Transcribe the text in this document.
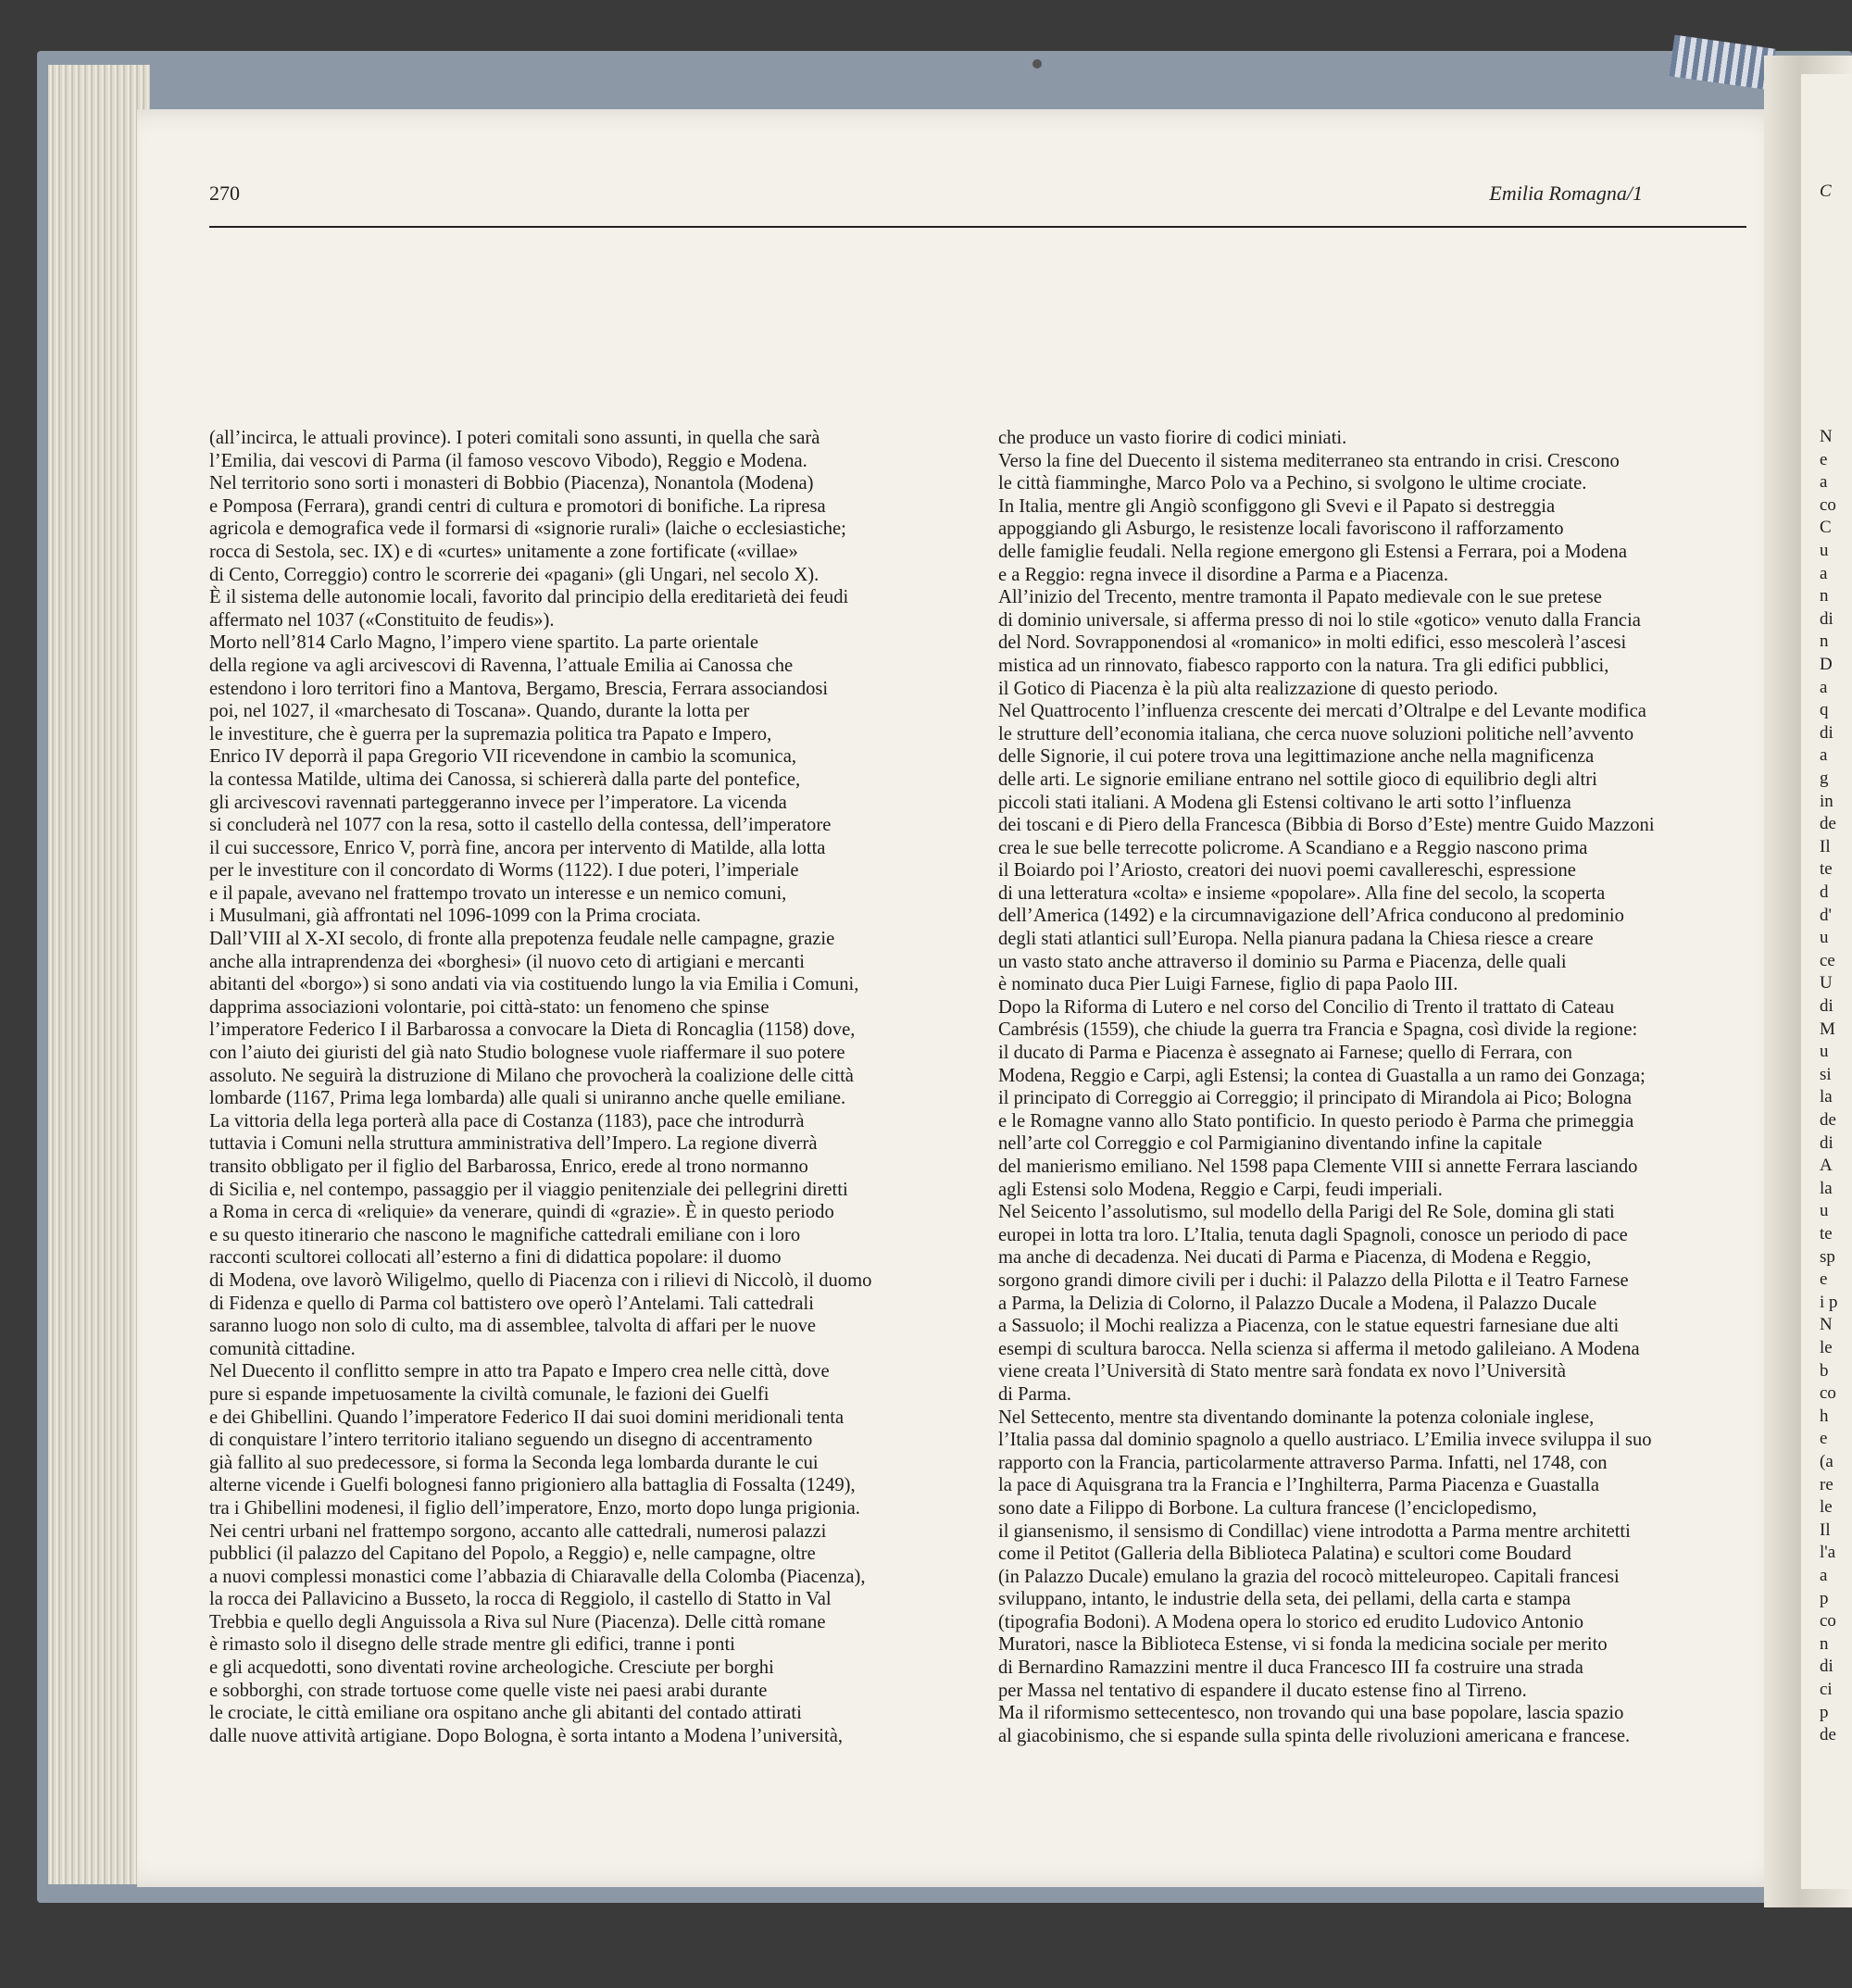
C
N
e
a
co
C
u
a
n
di
n
D
a
q
di
a
g
in
de
Il
te
d
d'
u
ce
U
di
M
u
si
la
de
di
A
la
u
te
sp
e
i p
N
le
b
co
h
e
(a
re
le
Il
l'a
a
p
co
n
di
ci
p
de
270	Emilia Romagna/1
(all’incirca, le attuali province). I poteri comitali sono assunti, in quella che sarà
l’Emilia, dai vescovi di Parma (il famoso vescovo Vibodo), Reggio e Modena.
Nel territorio sono sorti i monasteri di Bobbio (Piacenza), Nonantola (Modena)
e Pomposa (Ferrara), grandi centri di cultura e promotori di bonifiche. La ripresa
agricola e demografica vede il formarsi di «signorie rurali» (laiche o ecclesiastiche;
rocca di Sestola, sec. IX) e di «curtes» unitamente a zone fortificate («villae»
di Cento, Correggio) contro le scorrerie dei «pagani» (gli Ungari, nel secolo X).
È il sistema delle autonomie locali, favorito dal principio della ereditarietà dei feudi
affermato nel 1037 («Constituito de feudis»).
Morto nell’814 Carlo Magno, l’impero viene spartito. La parte orientale
della regione va agli arcivescovi di Ravenna, l’attuale Emilia ai Canossa che
estendono i loro territori fino a Mantova, Bergamo, Brescia, Ferrara associandosi
poi, nel 1027, il «marchesato di Toscana». Quando, durante la lotta per
le investiture, che è guerra per la supremazia politica tra Papato e Impero,
Enrico IV deporrà il papa Gregorio VII ricevendone in cambio la scomunica,
la contessa Matilde, ultima dei Canossa, si schiererà dalla parte del pontefice,
gli arcivescovi ravennati parteggeranno invece per l’imperatore. La vicenda
si concluderà nel 1077 con la resa, sotto il castello della contessa, dell’imperatore
il cui successore, Enrico V, porrà fine, ancora per intervento di Matilde, alla lotta
per le investiture con il concordato di Worms (1122). I due poteri, l’imperiale
e il papale, avevano nel frattempo trovato un interesse e un nemico comuni,
i Musulmani, già affrontati nel 1096-1099 con la Prima crociata.
Dall’VIII al X-XI secolo, di fronte alla prepotenza feudale nelle campagne, grazie
anche alla intraprendenza dei «borghesi» (il nuovo ceto di artigiani e mercanti
abitanti del «borgo») si sono andati via via costituendo lungo la via Emilia i Comuni,
dapprima associazioni volontarie, poi città-stato: un fenomeno che spinse
l’imperatore Federico I il Barbarossa a convocare la Dieta di Roncaglia (1158) dove,
con l’aiuto dei giuristi del già nato Studio bolognese vuole riaffermare il suo potere
assoluto. Ne seguirà la distruzione di Milano che provocherà la coalizione delle città
lombarde (1167, Prima lega lombarda) alle quali si uniranno anche quelle emiliane.
La vittoria della lega porterà alla pace di Costanza (1183), pace che introdurrà
tuttavia i Comuni nella struttura amministrativa dell’Impero. La regione diverrà
transito obbligato per il figlio del Barbarossa, Enrico, erede al trono normanno
di Sicilia e, nel contempo, passaggio per il viaggio penitenziale dei pellegrini diretti
a Roma in cerca di «reliquie» da venerare, quindi di «grazie». È in questo periodo
e su questo itinerario che nascono le magnifiche cattedrali emiliane con i loro
racconti scultorei collocati all’esterno a fini di didattica popolare: il duomo
di Modena, ove lavorò Wiligelmo, quello di Piacenza con i rilievi di Niccolò, il duomo
di Fidenza e quello di Parma col battistero ove operò l’Antelami. Tali cattedrali
saranno luogo non solo di culto, ma di assemblee, talvolta di affari per le nuove
comunità cittadine.
Nel Duecento il conflitto sempre in atto tra Papato e Impero crea nelle città, dove
pure si espande impetuosamente la civiltà comunale, le fazioni dei Guelfi
e dei Ghibellini. Quando l’imperatore Federico II dai suoi domini meridionali tenta
di conquistare l’intero territorio italiano seguendo un disegno di accentramento
già fallito al suo predecessore, si forma la Seconda lega lombarda durante le cui
alterne vicende i Guelfi bolognesi fanno prigioniero alla battaglia di Fossalta (1249),
tra i Ghibellini modenesi, il figlio dell’imperatore, Enzo, morto dopo lunga prigionia.
Nei centri urbani nel frattempo sorgono, accanto alle cattedrali, numerosi palazzi
pubblici (il palazzo del Capitano del Popolo, a Reggio) e, nelle campagne, oltre
a nuovi complessi monastici come l’abbazia di Chiaravalle della Colomba (Piacenza),
la rocca dei Pallavicino a Busseto, la rocca di Reggiolo, il castello di Statto in Val
Trebbia e quello degli Anguissola a Riva sul Nure (Piacenza). Delle città romane
è rimasto solo il disegno delle strade mentre gli edifici, tranne i ponti
e gli acquedotti, sono diventati rovine archeologiche. Cresciute per borghi
e sobborghi, con strade tortuose come quelle viste nei paesi arabi durante
le crociate, le città emiliane ora ospitano anche gli abitanti del contado attirati
dalle nuove attività artigiane. Dopo Bologna, è sorta intanto a Modena l’università,
che produce un vasto fiorire di codici miniati.
Verso la fine del Duecento il sistema mediterraneo sta entrando in crisi. Crescono
le città fiamminghe, Marco Polo va a Pechino, si svolgono le ultime crociate.
In Italia, mentre gli Angiò sconfiggono gli Svevi e il Papato si destreggia
appoggiando gli Asburgo, le resistenze locali favoriscono il rafforzamento
delle famiglie feudali. Nella regione emergono gli Estensi a Ferrara, poi a Modena
e a Reggio: regna invece il disordine a Parma e a Piacenza.
All’inizio del Trecento, mentre tramonta il Papato medievale con le sue pretese
di dominio universale, si afferma presso di noi lo stile «gotico» venuto dalla Francia
del Nord. Sovrapponendosi al «romanico» in molti edifici, esso mescolerà l’ascesi
mistica ad un rinnovato, fiabesco rapporto con la natura. Tra gli edifici pubblici,
il Gotico di Piacenza è la più alta realizzazione di questo periodo.
Nel Quattrocento l’influenza crescente dei mercati d’Oltralpe e del Levante modifica
le strutture dell’economia italiana, che cerca nuove soluzioni politiche nell’avvento
delle Signorie, il cui potere trova una legittimazione anche nella magnificenza
delle arti. Le signorie emiliane entrano nel sottile gioco di equilibrio degli altri
piccoli stati italiani. A Modena gli Estensi coltivano le arti sotto l’influenza
dei toscani e di Piero della Francesca (Bibbia di Borso d’Este) mentre Guido Mazzoni
crea le sue belle terrecotte policrome. A Scandiano e a Reggio nascono prima
il Boiardo poi l’Ariosto, creatori dei nuovi poemi cavallereschi, espressione
di una letteratura «colta» e insieme «popolare». Alla fine del secolo, la scoperta
dell’America (1492) e la circumnavigazione dell’Africa conducono al predominio
degli stati atlantici sull’Europa. Nella pianura padana la Chiesa riesce a creare
un vasto stato anche attraverso il dominio su Parma e Piacenza, delle quali
è nominato duca Pier Luigi Farnese, figlio di papa Paolo III.
Dopo la Riforma di Lutero e nel corso del Concilio di Trento il trattato di Cateau
Cambrésis (1559), che chiude la guerra tra Francia e Spagna, così divide la regione:
il ducato di Parma e Piacenza è assegnato ai Farnese; quello di Ferrara, con
Modena, Reggio e Carpi, agli Estensi; la contea di Guastalla a un ramo dei Gonzaga;
il principato di Correggio ai Correggio; il principato di Mirandola ai Pico; Bologna
e le Romagne vanno allo Stato pontificio. In questo periodo è Parma che primeggia
nell’arte col Correggio e col Parmigianino diventando infine la capitale
del manierismo emiliano. Nel 1598 papa Clemente VIII si annette Ferrara lasciando
agli Estensi solo Modena, Reggio e Carpi, feudi imperiali.
Nel Seicento l’assolutismo, sul modello della Parigi del Re Sole, domina gli stati
europei in lotta tra loro. L’Italia, tenuta dagli Spagnoli, conosce un periodo di pace
ma anche di decadenza. Nei ducati di Parma e Piacenza, di Modena e Reggio,
sorgono grandi dimore civili per i duchi: il Palazzo della Pilotta e il Teatro Farnese
a Parma, la Delizia di Colorno, il Palazzo Ducale a Modena, il Palazzo Ducale
a Sassuolo; il Mochi realizza a Piacenza, con le statue equestri farnesiane due alti
esempi di scultura barocca. Nella scienza si afferma il metodo galileiano. A Modena
viene creata l’Università di Stato mentre sarà fondata ex novo l’Università
di Parma.
Nel Settecento, mentre sta diventando dominante la potenza coloniale inglese,
l’Italia passa dal dominio spagnolo a quello austriaco. L’Emilia invece sviluppa il suo
rapporto con la Francia, particolarmente attraverso Parma. Infatti, nel 1748, con
la pace di Aquisgrana tra la Francia e l’Inghilterra, Parma Piacenza e Guastalla
sono date a Filippo di Borbone. La cultura francese (l’enciclopedismo,
il giansenismo, il sensismo di Condillac) viene introdotta a Parma mentre architetti
come il Petitot (Galleria della Biblioteca Palatina) e scultori come Boudard
(in Palazzo Ducale) emulano la grazia del rococò mitteleuropeo. Capitali francesi
sviluppano, intanto, le industrie della seta, dei pellami, della carta e stampa
(tipografia Bodoni). A Modena opera lo storico ed erudito Ludovico Antonio
Muratori, nasce la Biblioteca Estense, vi si fonda la medicina sociale per merito
di Bernardino Ramazzini mentre il duca Francesco III fa costruire una strada
per Massa nel tentativo di espandere il ducato estense fino al Tirreno.
Ma il riformismo settecentesco, non trovando qui una base popolare, lascia spazio
al giacobinismo, che si espande sulla spinta delle rivoluzioni americana e francese.
